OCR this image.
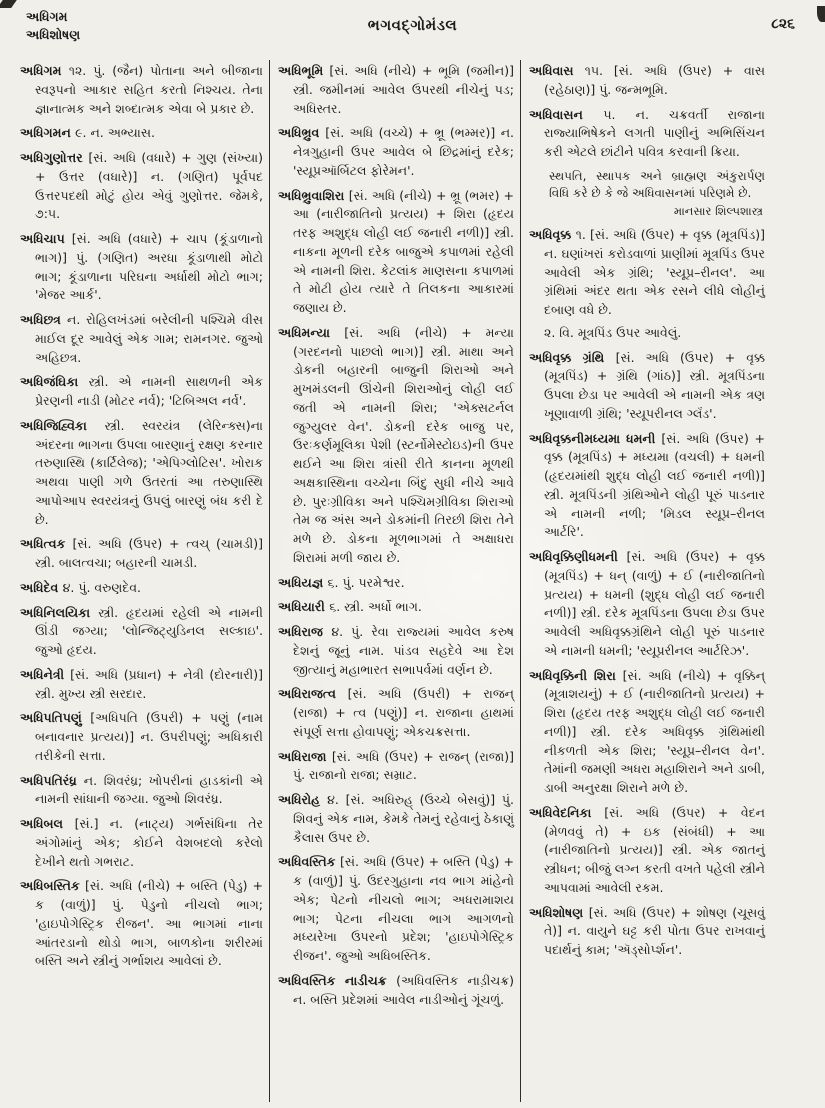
અધિગમ
અધિશોષણ
ભગવદ્ગોમંડલ	૮૨૬

અધિગમ ૧૨. પું. (જૈન) પોતાના અને બીજાના સ્વરૂપનો આકાર સહિત કરતો નિશ્ચય. તેના જ્ઞાનાત્મક અને શબ્દાત્મક એવા બે પ્રકાર છે.

અધિગમન ૯. ન. અભ્યાસ.

અધિગુણોત્તર [સં. અધિ (વધારે) + ગુણ (સંખ્યા) + ઉત્તર (વધારે)] ન. (ગણિત) પૂર્વપદ ઉત્તરપદથી મોટું હોય એવું ગુણોત્તર. જેમકે, ૭:૫.

અધિચાપ [સં. અધિ (વધારે) + ચાપ (કૂંડાળાનો ભાગ)] પું. (ગણિત) અરધા કૂંડાળાથી મોટો ભાગ; કૂંડાળાના પરિઘના અર્ધાથી મોટો ભાગ; 'મેજર આર્ક'.

અધિછત્ર ન. રોહિલખંડમાં બરેલીની પશ્ચિમે વીસ માઈલ દૂર આવેલું એક ગામ; રામનગર. જુઓ અહિછત્ર.

અધિજંઘિકા સ્ત્રી. એ નામની સાથળની એક પ્રેરણની નાડી (મોટર નર્વ); 'ટિબિઅલ નર્વ'.

અધિજિહ્વિકા સ્ત્રી. સ્વરયંત્ર (લેરિન્ક્સ)ના અંદરના ભાગના ઉપલા બારણાનું રક્ષણ કરનાર તરુણાસ્થિ (કાર્ટિલેજ); 'એપિગ્લોટિસ'. ખોરાક અથવા પાણી ગળે ઉતરતાં આ તરુણાસ્થિ આપોઆપ સ્વરયંત્રનું ઉપલું બારણું બંધ કરી દે છે.

અધિત્વક [સં. અધિ (ઉપર) + ત્વચ્ (ચામડી)] સ્ત્રી. બાલત્વચા; બહારની ચામડી.

અધિદેવ ૪. પું. વરુણદેવ.

અધિનિલયિકા સ્ત્રી. હૃદયમાં રહેલી એ નામની ઊંડી જગ્યા; 'લોન્જિટ્યુડિનલ સલ્કાઇ'. જુઓ હૃદય.

અધિનેત્રી [સં. અધિ (પ્રધાન) + નેત્રી (દોરનારી)] સ્ત્રી. મુખ્ય સ્ત્રી સરદાર.

અધિપતિપણું [અધિપતિ (ઉપરી) + પણું (નામ બનાવનાર પ્રત્યય)] ન. ઉપરીપણું; અધિકારી તરીકેની સત્તા.

અધિપતિરંધ્ર ન. શિવરંધ્ર; ખોપરીનાં હાડકાંની એ નામની સાંધાની જગ્યા. જુઓ શિવરંધ્ર.

અધિબલ [સં.] ન. (નાટ્ય) ગર્ભસંધિના તેર અંગોમાંનું એક; કોઈને વેશબદલો કરેલો દેખીને થતો ગભરાટ.

અધિબસ્તિક [સં. અધિ (નીચે) + બસ્તિ (પેડુ) + ક (વાળું)] પું. પેડુનો નીચલો ભાગ; 'હાઇપોગેસ્ટ્રિક રીજન'. આ ભાગમાં નાના આંતરડાનો થોડો ભાગ, બાળકોના શરીરમાં બસ્તિ અને સ્ત્રીનું ગર્ભાશય આવેલાં છે.

અધિભૂમિ [સં. અધિ (નીચે) + ભૂમિ (જમીન)] સ્ત્રી. જમીનમાં આવેલ ઉપરથી નીચેનું પડ; અધિસ્તર.

અધિભ્રુવ [સં. અધિ (વચ્ચે) + ભ્રૂ (ભમ્મર)] ન. નેત્રગુહાની ઉપર આવેલ બે છિદ્રમાંનું દરેક; 'સ્યૂપ્રઑર્બિટલ ફોરેમન'.

અધિભ્રુવાશિરા [સં. અધિ (નીચે) + ભ્રૂ (ભમર) + આ (નારીજાતિનો પ્રત્યય) + શિરા (હૃદય તરફ અશુદ્ધ લોહી લઈ જનારી નળી)] સ્ત્રી. નાકના મૂળની દરેક બાજુએ કપાળમાં રહેલી એ નામની શિરા. કેટલાંક માણસના કપાળમાં તે મોટી હોય ત્યારે તે તિલકના આકારમાં જણાય છે.

અધિમન્યા [સં. અધિ (નીચે) + મન્યા (ગરદનનો પાછલો ભાગ)] સ્ત્રી. માથા અને ડોકની બહારની બાજુની શિરાઓ અને મુખમંડલની ઊંચેની શિરાઓનું લોહી લઈ જતી એ નામની શિરા; 'એક્સટર્નલ જુગ્યુલર વેન'. ડોકની દરેક બાજુ પર, ઉરઃકર્ણમૂલિકા પેશી (સ્ટર્નોમેસ્ટોઇડ)ની ઉપર થઈને આ શિરા ત્રાંસી રીતે કાનના મૂળથી અક્ષકાસ્થિના વચ્ચેના બિંદુ સુધી નીચે આવે છે. પુરઃગ્રીવિકા અને પશ્ચિમગ્રીવિકા શિરાઓ તેમ જ અંસ અને ડોકમાંની તિરછી શિરા તેને મળે છે. ડોકના મૂળભાગમાં તે અક્ષાધરા શિરામાં મળી જાય છે.

અધિયજ્ઞ ૬. પું. પરમેશ્વર.

અધિયારી ૬. સ્ત્રી. અર્ધો ભાગ.

અધિરાજ ૪. પું. રેવા રાજ્યમાં આવેલ કરુષ દેશનું જૂનું નામ. પાંડવ સહદેવે આ દેશ જીત્યાનું મહાભારત સભાપર્વમાં વર્ણન છે.

અધિરાજત્વ [સં. અધિ (ઉપરી) + રાજન્ (રાજા) + ત્વ (પણું)] ન. રાજાના હાથમાં સંપૂર્ણ સત્તા હોવાપણું; એકચક્રસત્તા.

અધિરાજા [સં. અધિ (ઉપર) + રાજન્ (રાજા)] પું. રાજાનો રાજા; સમ્રાટ.

અધિરોહ ૪. [સં. અધિરુહ્ (ઉચ્ચે બેસવું)] પું. શિવનું એક નામ, કેમકે તેમનું રહેવાનું ઠેકાણું કૈલાસ ઉપર છે.

અધિવસ્તિક [સં. અધિ (ઉપર) + બસ્તિ (પેડુ) + ક (વાળું)] પું. ઉદરગુહાના નવ ભાગ માંહેનો એક; પેટનો નીચલો ભાગ; અધરામાશય ભાગ; પેટના નીચલા ભાગ આગળનો મધ્યરેખા ઉપરનો પ્રદેશ; 'હાઇપોગેસ્ટ્રિક રીજન'. જુઓ અધિબસ્તિક.

અધિવસ્તિક નાડીચક્ર (અધિવસ્તિક નાડ઼ીચક્ર) ન. બસ્તિ પ્રદેશમાં આવેલ નાડીઓનું ગૂંચળું.

અધિવાસ ૧૫. [સં. અધિ (ઉપર) + વાસ (રહેઠાણ)] પું. જન્મભૂમિ.

અધિવાસન ૫. ન. ચક્રવર્તી રાજાના રાજ્યાભિષેકને લગતી પાણીનું અભિસિંચન કરી એટલે છાંટીને પવિત્ર કરવાની ક્રિયા.

સ્થપતિ, સ્થાપક અને બ્રાહ્મણ અંકુરાર્પણ વિધિ કરે છે કે જે અધિવાસનમાં પરિણમે છે.
માનસાર શિલ્પશાસ્ત્ર

અધિવૃક્ક ૧. [સં. અધિ (ઉપર) + વૃક્ક (મૂત્રપિંડ)] ન. ઘણાંખરાં કરોડવાળાં પ્રાણીમાં મૂત્રપિંડ ઉપર આવેલી એક ગ્રંથિ; 'સ્યૂપ્ર–રીનલ'. આ ગ્રંથિમાં અંદર થતા એક રસને લીધે લોહીનું દબાણ વધે છે.

૨. વિ. મૂત્રપિંડ ઉપર આવેલું.

અધિવૃક્ક ગ્રંથિ [સં. અધિ (ઉપર) + વૃક્ક (મૂત્રપિંડ) + ગ્રંથિ (ગાંઠ)] સ્ત્રી. મૂત્રપિંડના ઉપલા છેડા પર આવેલી એ નામની એક ત્રણ ખૂણાવાળી ગ્રંથિ; 'સ્યૂપરીનલ ગ્લૅંડ'.

અધિવૃક્કનીમધ્યમા ધમની [સં. અધિ (ઉપર) + વૃક્ક (મૂત્રપિંડ) + મધ્યમા (વચલી) + ધમની (હૃદયમાંથી શુદ્ધ લોહી લઈ જનારી નળી)] સ્ત્રી. મૂત્રપિંડની ગ્રંથિઓને લોહી પૂરું પાડનાર એ નામની નળી; 'મિડલ સ્યૂપ્ર–રીનલ આર્ટરિ'.

અધિવૃક્કિણીધમની [સં. અધિ (ઉપર) + વૃક્ક (મૂત્રપિંડ) + ધન્ (વાળું) + ઈ (નારીજાતિનો પ્રત્યય) + ધમની (શુદ્ધ લોહી લઈ જનારી નળી)] સ્ત્રી. દરેક મૂત્રપિંડના ઉપલા છેડા ઉપર આવેલી અધિવૃક્કગ્રંથિને લોહી પૂરું પાડનાર એ નામની ધમની; 'સ્યૂપ્રરીનલ આર્ટરિઝ'.

અધિવૃક્કિની શિરા [સં. અધિ (નીચે) + વૃક્કિન્ (મૂત્રાશયનું) + ઈ (નારીજાતિનો પ્રત્યય) + શિરા (હૃદય તરફ અશુદ્ધ લોહી લઈ જનારી નળી)] સ્ત્રી. દરેક અધિવૃક્ક ગ્રંથિમાંથી નીકળતી એક શિરા; 'સ્યૂપ્ર–રીનલ વેન'. તેમાંની જમણી અધરા મહાશિરાને અને ડાબી, ડાબી અનુરક્ષા શિરાને મળે છે.

અધિવેદનિકા [સં. અધિ (ઉપર) + વેદન (મેળવવું તે) + ઇક (સંબંધી) + આ (નારીજાતિનો પ્રત્યય)] સ્ત્રી. એક જાતનું સ્ત્રીધન; બીજું લગ્ન કરતી વખતે પહેલી સ્ત્રીને આપવામાં આવેલી રકમ.

અધિશોષણ [સં. અધિ (ઉપર) + શોષણ (ચૂસવું તે)] ન. વાયુને ઘટ્ટ કરી પોતા ઉપર રાખવાનું પદાર્થનું કામ; 'ઍડ્સોર્પ્શન'.
